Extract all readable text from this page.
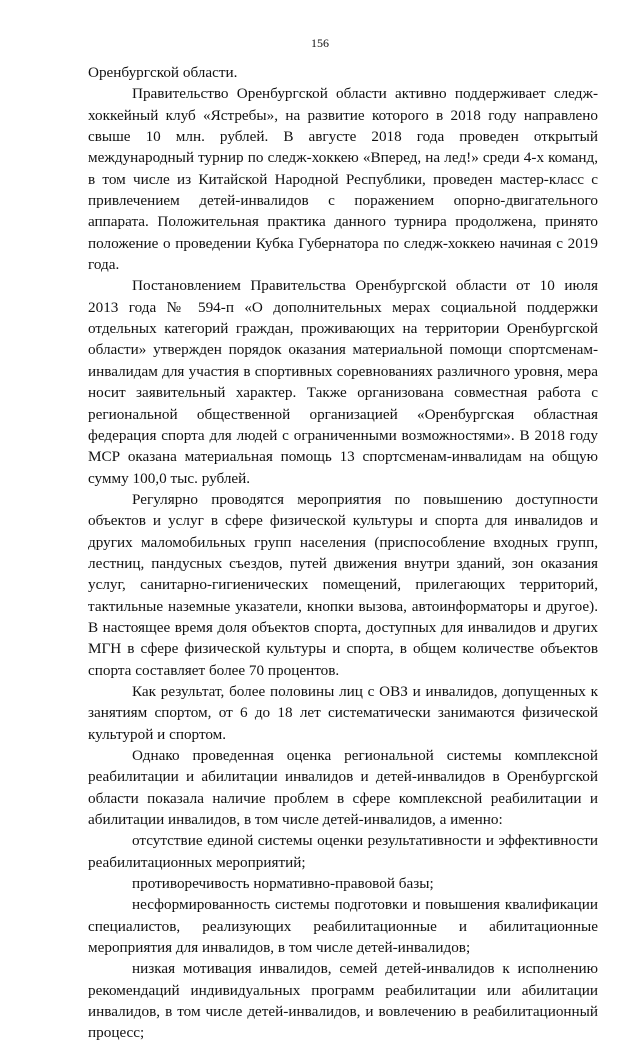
156

Оренбургской области.

Правительство Оренбургской области активно поддерживает следж-хоккейный клуб «Ястребы», на развитие которого в 2018 году направлено свыше 10 млн. рублей. В августе 2018 года проведен открытый международный турнир по следж-хоккею «Вперед, на лед!» среди 4-х команд, в том числе из Китайской Народной Республики, проведен мастер-класс с привлечением детей-инвалидов с поражением опорно-двигательного аппарата. Положительная практика данного турнира продолжена, принято положение о проведении Кубка Губернатора по следж-хоккею начиная с 2019 года.

Постановлением Правительства Оренбургской области от 10 июля 2013 года № 594-п «О дополнительных мерах социальной поддержки отдельных категорий граждан, проживающих на территории Оренбургской области» утвержден порядок оказания материальной помощи спортсменам-инвалидам для участия в спортивных соревнованиях различного уровня, мера носит заявительный характер. Также организована совместная работа с региональной общественной организацией «Оренбургская областная федерация спорта для людей с ограниченными возможностями». В 2018 году МСР оказана материальная помощь 13 спортсменам-инвалидам на общую сумму 100,0 тыс. рублей.

Регулярно проводятся мероприятия по повышению доступности объектов и услуг в сфере физической культуры и спорта для инвалидов и других маломобильных групп населения (приспособление входных групп, лестниц, пандусных съездов, путей движения внутри зданий, зон оказания услуг, санитарно-гигиенических помещений, прилегающих территорий, тактильные наземные указатели, кнопки вызова, автоинформаторы и другое). В настоящее время доля объектов спорта, доступных для инвалидов и других МГН в сфере физической культуры и спорта, в общем количестве объектов спорта составляет более 70 процентов.

Как результат, более половины лиц с ОВЗ и инвалидов, допущенных к занятиям спортом, от 6 до 18 лет систематически занимаются физической культурой и спортом.

Однако проведенная оценка региональной системы комплексной реабилитации и абилитации инвалидов и детей-инвалидов в Оренбургской области показала наличие проблем в сфере комплексной реабилитации и абилитации инвалидов, в том числе детей-инвалидов, а именно:

отсутствие единой системы оценки результативности и эффективности реабилитационных мероприятий;

противоречивость нормативно-правовой базы;

несформированность системы подготовки и повышения квалификации специалистов, реализующих реабилитационные и абилитационные мероприятия для инвалидов, в том числе детей-инвалидов;

низкая мотивация инвалидов, семей детей-инвалидов к исполнению рекомендаций индивидуальных программ реабилитации или абилитации инвалидов, в том числе детей-инвалидов, и вовлечению в реабилитационный процесс;
